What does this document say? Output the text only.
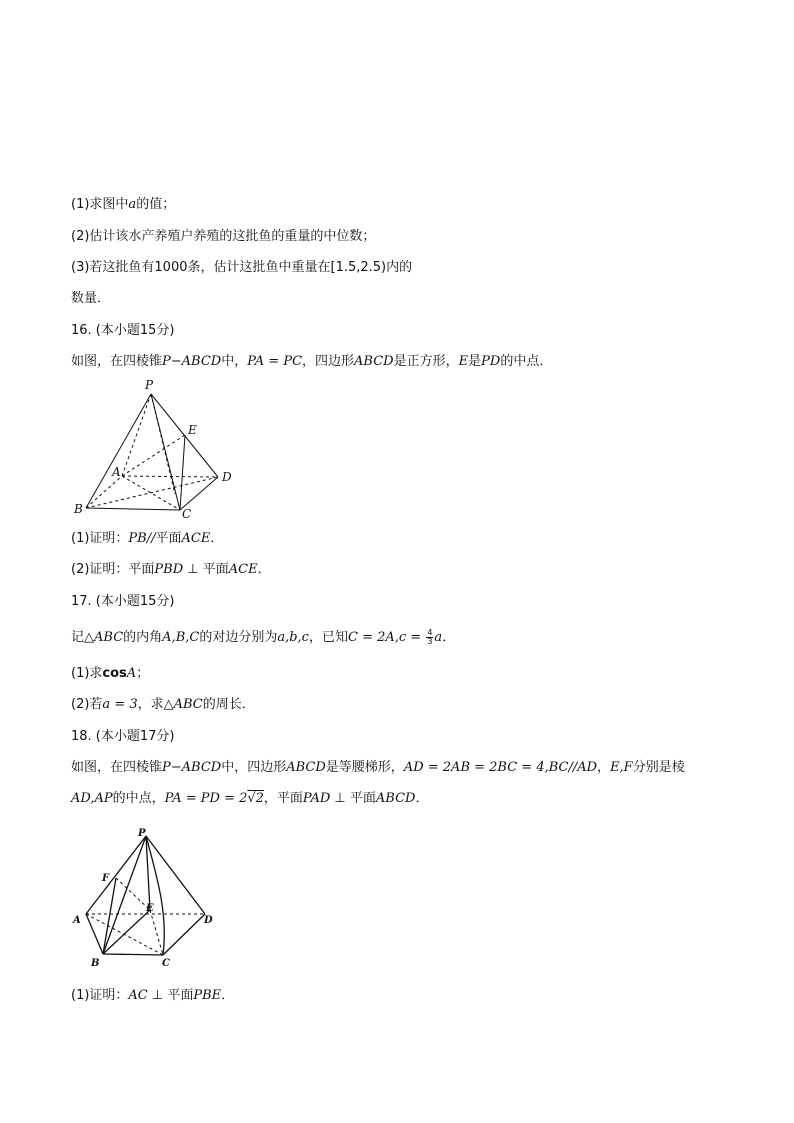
(1)求图中a的值；
(2)估计该水产养殖户养殖的这批鱼的重量的中位数；
(3)若这批鱼有1000条，估计这批鱼中重量在[1.5,2.5)内的
数量．
16. (本小题15分)
如图，在四棱锥P−ABCD中，PA = PC，四边形ABCD是正方形，E是PD的中点．
P
E
A	D
B	C
(1)证明：PB//平面ACE．
(2)证明：平面PBD ⊥ 平面ACE．
17. (本小题15分)
记△ABC的内角A,B,C的对边分别为a,b,c，已知$C = 2A,c = \frac{4}{3}$ a．
(1)求cosA；
(2)若a = 3，求△ABC的周长．
18. (本小题17分)
如图，在四棱锥P−ABCD中，四边形ABCD是等腰梯形，AD = 2AB = 2BC = 4,BC//AD，E,F分别是棱
AD,AP的中点，PA = PD = 2√2，平面PAD ⊥ 平面ABCD．
P
F
E
A	D
B	C
(1)证明：AC ⊥ 平面PBE．
